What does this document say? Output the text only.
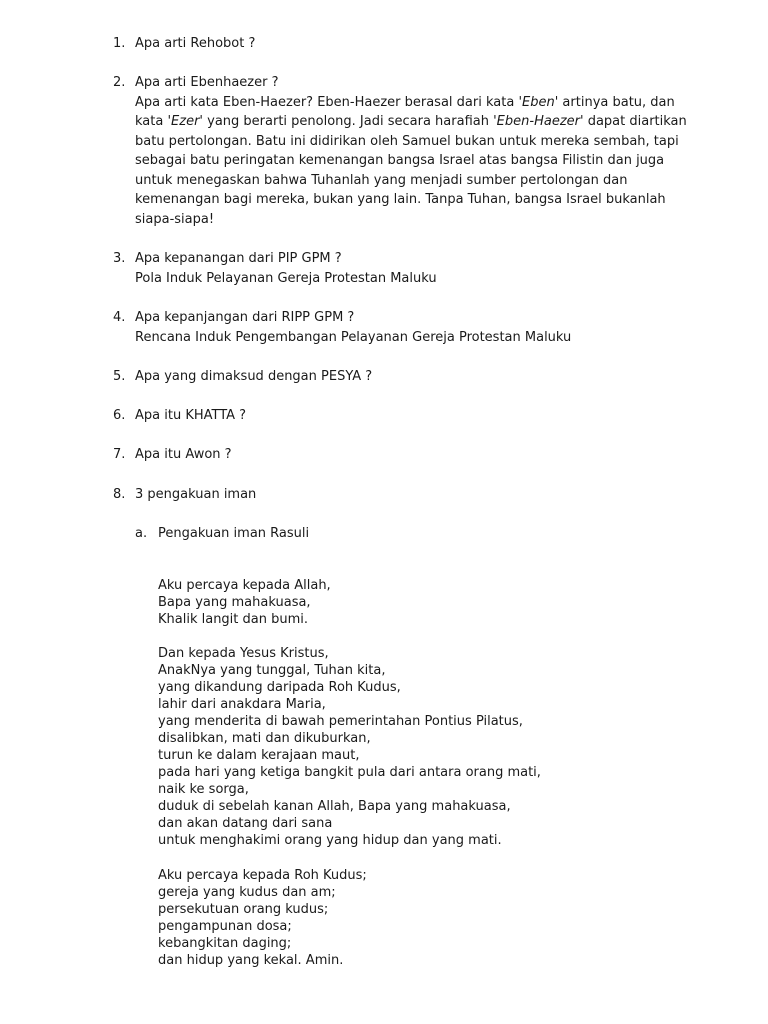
1. Apa arti Rehobot ?

2. Apa arti Ebenhaezer ?

Apa arti kata Eben-Haezer? Eben-Haezer berasal dari kata 'Eben' artinya batu, dan kata 'Ezer' yang berarti penolong. Jadi secara harafiah 'Eben-Haezer' dapat diartikan batu pertolongan. Batu ini didirikan oleh Samuel bukan untuk mereka sembah, tapi sebagai batu peringatan kemenangan bangsa Israel atas bangsa Filistin dan juga untuk menegaskan bahwa Tuhanlah yang menjadi sumber pertolongan dan kemenangan bagi mereka, bukan yang lain. Tanpa Tuhan, bangsa Israel bukanlah siapa-siapa!

3. Apa kepanangan dari PIP GPM ?

Pola Induk Pelayanan Gereja Protestan Maluku

4. Apa kepanjangan dari RIPP GPM ?

Rencana Induk Pengembangan Pelayanan Gereja Protestan Maluku

5. Apa yang dimaksud dengan PESYA ?

6. Apa itu KHATTA ?

7. Apa itu Awon ?

8. 3 pengakuan iman

a. Pengakuan iman Rasuli
Aku percaya kepada Allah,
Bapa yang mahakuasa,
Khalik langit dan bumi.
Dan kepada Yesus Kristus,
AnakNya yang tunggal, Tuhan kita,
yang dikandung daripada Roh Kudus,
lahir dari anakdara Maria,
yang menderita di bawah pemerintahan Pontius Pilatus,
disalibkan, mati dan dikuburkan,
turun ke dalam kerajaan maut,
pada hari yang ketiga bangkit pula dari antara orang mati,
naik ke sorga,
duduk di sebelah kanan Allah, Bapa yang mahakuasa,
dan akan datang dari sana
untuk menghakimi orang yang hidup dan yang mati.
Aku percaya kepada Roh Kudus;
gereja yang kudus dan am;
persekutuan orang kudus;
pengampunan dosa;
kebangkitan daging;
dan hidup yang kekal. Amin.
